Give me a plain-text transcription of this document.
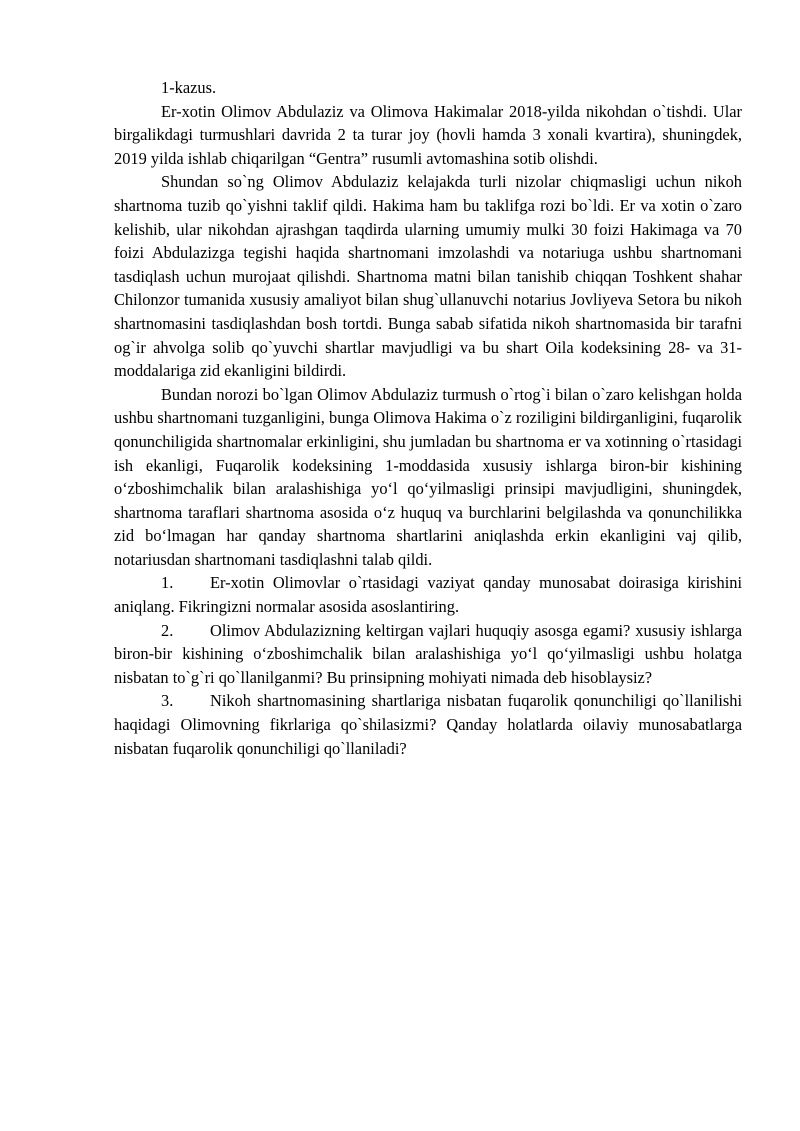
1-kazus.

Er-xotin Olimov Abdulaziz va Olimova Hakimalar 2018-yilda nikohdan o`tishdi. Ular birgalikdagi turmushlari davrida 2 ta turar joy (hovli hamda 3 xonali kvartira), shuningdek, 2019 yilda ishlab chiqarilgan “Gentra” rusumli avtomashina sotib olishdi.

Shundan so`ng Olimov Abdulaziz kelajakda turli nizolar chiqmasligi uchun nikoh shartnoma tuzib qo`yishni taklif qildi. Hakima ham bu taklifga rozi bo`ldi. Er va xotin o`zaro kelishib, ular nikohdan ajrashgan taqdirda ularning umumiy mulki 30 foizi Hakimaga va 70 foizi Abdulazizga tegishi haqida shartnomani imzolashdi va notariuga ushbu shartnomani tasdiqlash uchun murojaat qilishdi. Shartnoma matni bilan tanishib chiqqan Toshkent shahar Chilonzor tumanida xususiy amaliyot bilan shug`ullanuvchi notarius Jovliyeva Setora bu nikoh shartnomasini tasdiqlashdan bosh tortdi. Bunga sabab sifatida nikoh shartnomasida bir tarafni og`ir ahvolga solib qo`yuvchi shartlar mavjudligi va bu shart Oila kodeksining 28- va 31-moddalariga zid ekanligini bildirdi.

Bundan norozi bo`lgan Olimov Abdulaziz turmush o`rtog`i bilan o`zaro kelishgan holda ushbu shartnomani tuzganligini, bunga Olimova Hakima o`z roziligini bildirganligini, fuqarolik qonunchiligida shartnomalar erkinligini, shu jumladan bu shartnoma er va xotinning o`rtasidagi ish ekanligi, Fuqarolik kodeksining 1-moddasida xususiy ishlarga biron-bir kishining o‘zboshimchalik bilan aralashishiga yo‘l qo‘yilmasligi prinsipi mavjudligini, shuningdek, shartnoma taraflari shartnoma asosida o‘z huquq va burchlarini belgilashda va qonunchilikka zid bo‘lmagan har qanday shartnoma shartlarini aniqlashda erkin ekanligini vaj qilib, notariusdan shartnomani tasdiqlashni talab qildi.

1. Er-xotin Olimovlar o`rtasidagi vaziyat qanday munosabat doirasiga kirishini aniqlang. Fikringizni normalar asosida asoslantiring.

2. Olimov Abdulazizning keltirgan vajlari huquqiy asosga egami? xususiy ishlarga biron-bir kishining o‘zboshimchalik bilan aralashishiga yo‘l qo‘yilmasligi ushbu holatga nisbatan to`g`ri qo`llanilganmi? Bu prinsipning mohiyati nimada deb hisoblaysiz?

3. Nikoh shartnomasining shartlariga nisbatan fuqarolik qonunchiligi qo`llanilishi haqidagi Olimovning fikrlariga qo`shilasizmi? Qanday holatlarda oilaviy munosabatlarga nisbatan fuqarolik qonunchiligi qo`llaniladi?
